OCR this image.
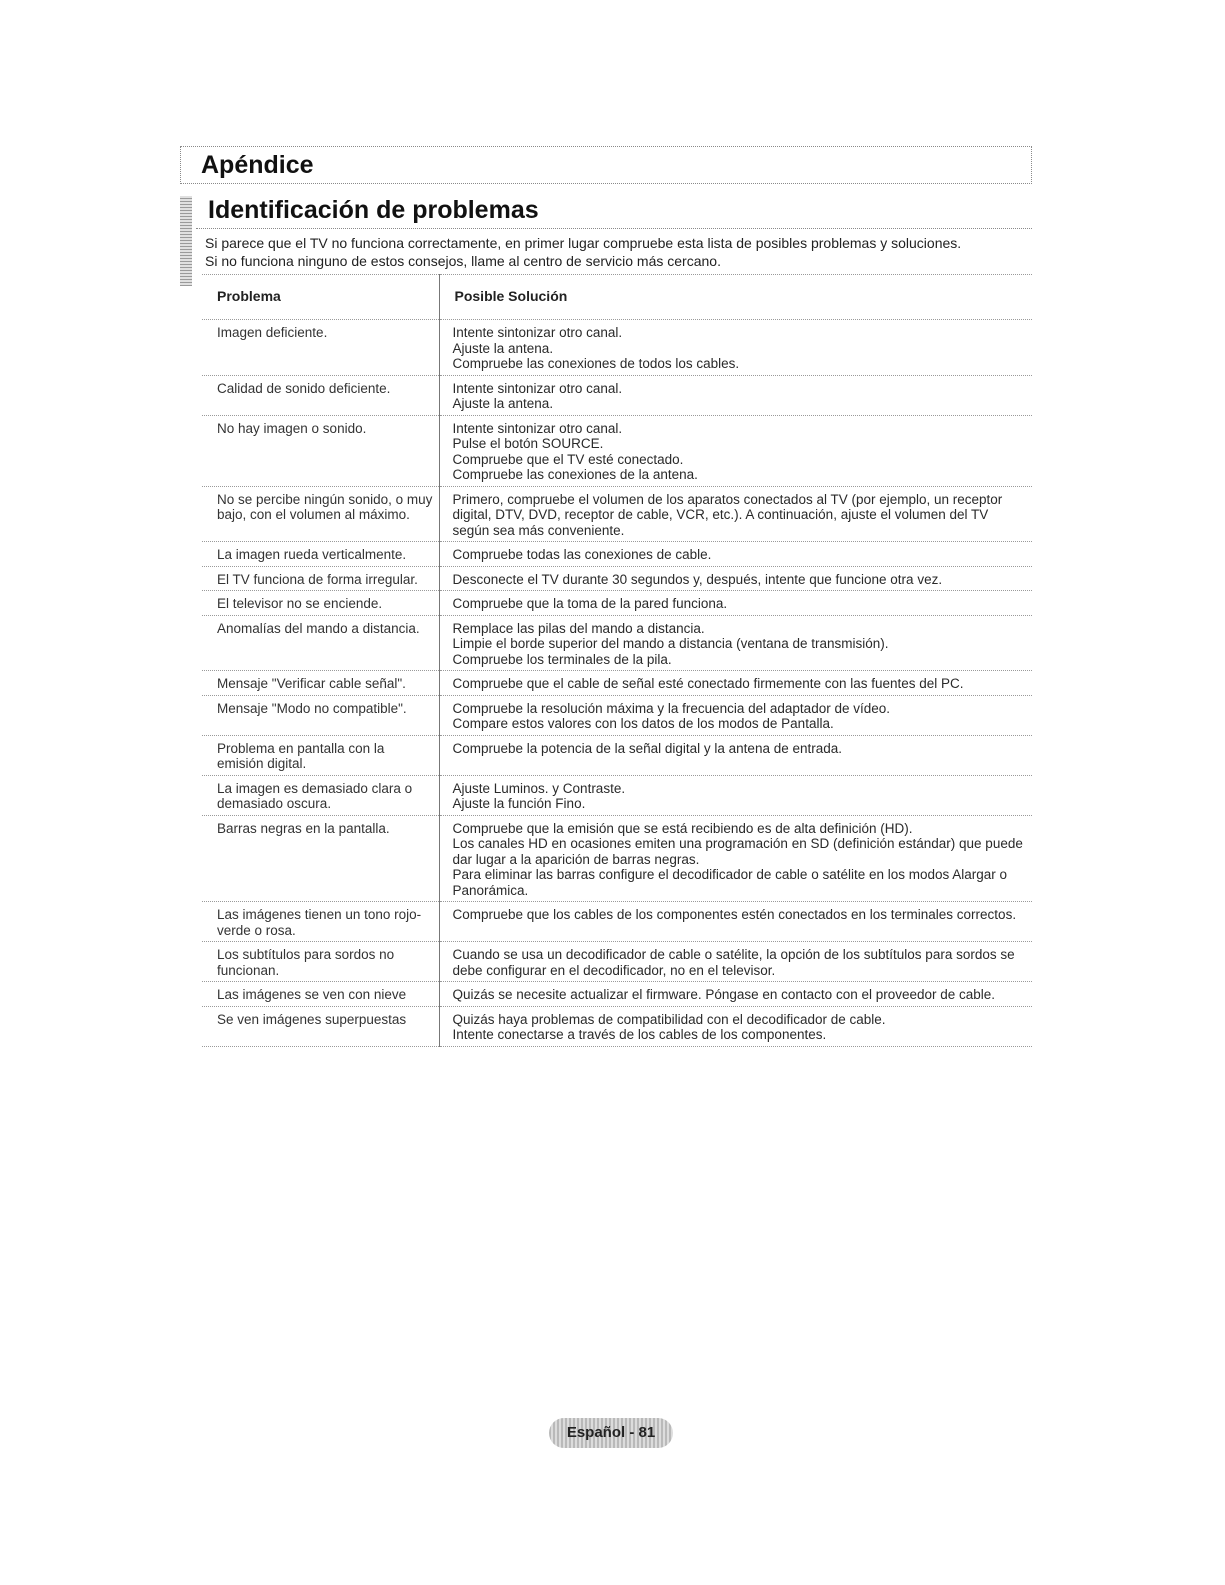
Apéndice
Identificación de problemas
Si parece que el TV no funciona correctamente, en primer lugar compruebe esta lista de posibles problemas y soluciones.
Si no funciona ninguno de estos consejos, llame al centro de servicio más cercano.
Problema	Posible Solución
Imagen deficiente.	Intente sintonizar otro canal.
Ajuste la antena.
Compruebe las conexiones de todos los cables.

Calidad de sonido deficiente.	Intente sintonizar otro canal.
Ajuste la antena.

No hay imagen o sonido.	Intente sintonizar otro canal.
Pulse el botón SOURCE.
Compruebe que el TV esté conectado.
Compruebe las conexiones de la antena.

No se percibe ningún sonido, o muy bajo, con el volumen al máximo.	Primero, compruebe el volumen de los aparatos conectados al TV (por ejemplo, un receptor digital, DTV, DVD, receptor de cable, VCR, etc.). A continuación, ajuste el volumen del TV según sea más conveniente.

La imagen rueda verticalmente.	Compruebe todas las conexiones de cable.

El TV funciona de forma irregular.	Desconecte el TV durante 30 segundos y, después, intente que funcione otra vez.

El televisor no se enciende.	Compruebe que la toma de la pared funciona.

Anomalías del mando a distancia.	Remplace las pilas del mando a distancia.
Limpie el borde superior del mando a distancia (ventana de transmisión).
Compruebe los terminales de la pila.

Mensaje "Verificar cable señal".	Compruebe que el cable de señal esté conectado firmemente con las fuentes del PC.

Mensaje "Modo no compatible".	Compruebe la resolución máxima y la frecuencia del adaptador de vídeo.
Compare estos valores con los datos de los modos de Pantalla.

Problema en pantalla con la emisión digital.	Compruebe la potencia de la señal digital y la antena de entrada.

La imagen es demasiado clara o demasiado oscura.	Ajuste Luminos. y Contraste.
Ajuste la función Fino.

Barras negras en la pantalla.	Compruebe que la emisión que se está recibiendo es de alta definición (HD).
Los canales HD en ocasiones emiten una programación en SD (definición estándar) que puede dar lugar a la aparición de barras negras.
Para eliminar las barras configure el decodificador de cable o satélite en los modos Alargar o Panorámica.

Las imágenes tienen un tono rojo-verde o rosa.	Compruebe que los cables de los componentes estén conectados en los terminales correctos.

Los subtítulos para sordos no funcionan.	Cuando se usa un decodificador de cable o satélite, la opción de los subtítulos para sordos se debe configurar en el decodificador, no en el televisor.

Las imágenes se ven con nieve	Quizás se necesite actualizar el firmware. Póngase en contacto con el proveedor de cable.

Se ven imágenes superpuestas	Quizás haya problemas de compatibilidad con el decodificador de cable.
Intente conectarse a través de los cables de los componentes.
Español - 81
